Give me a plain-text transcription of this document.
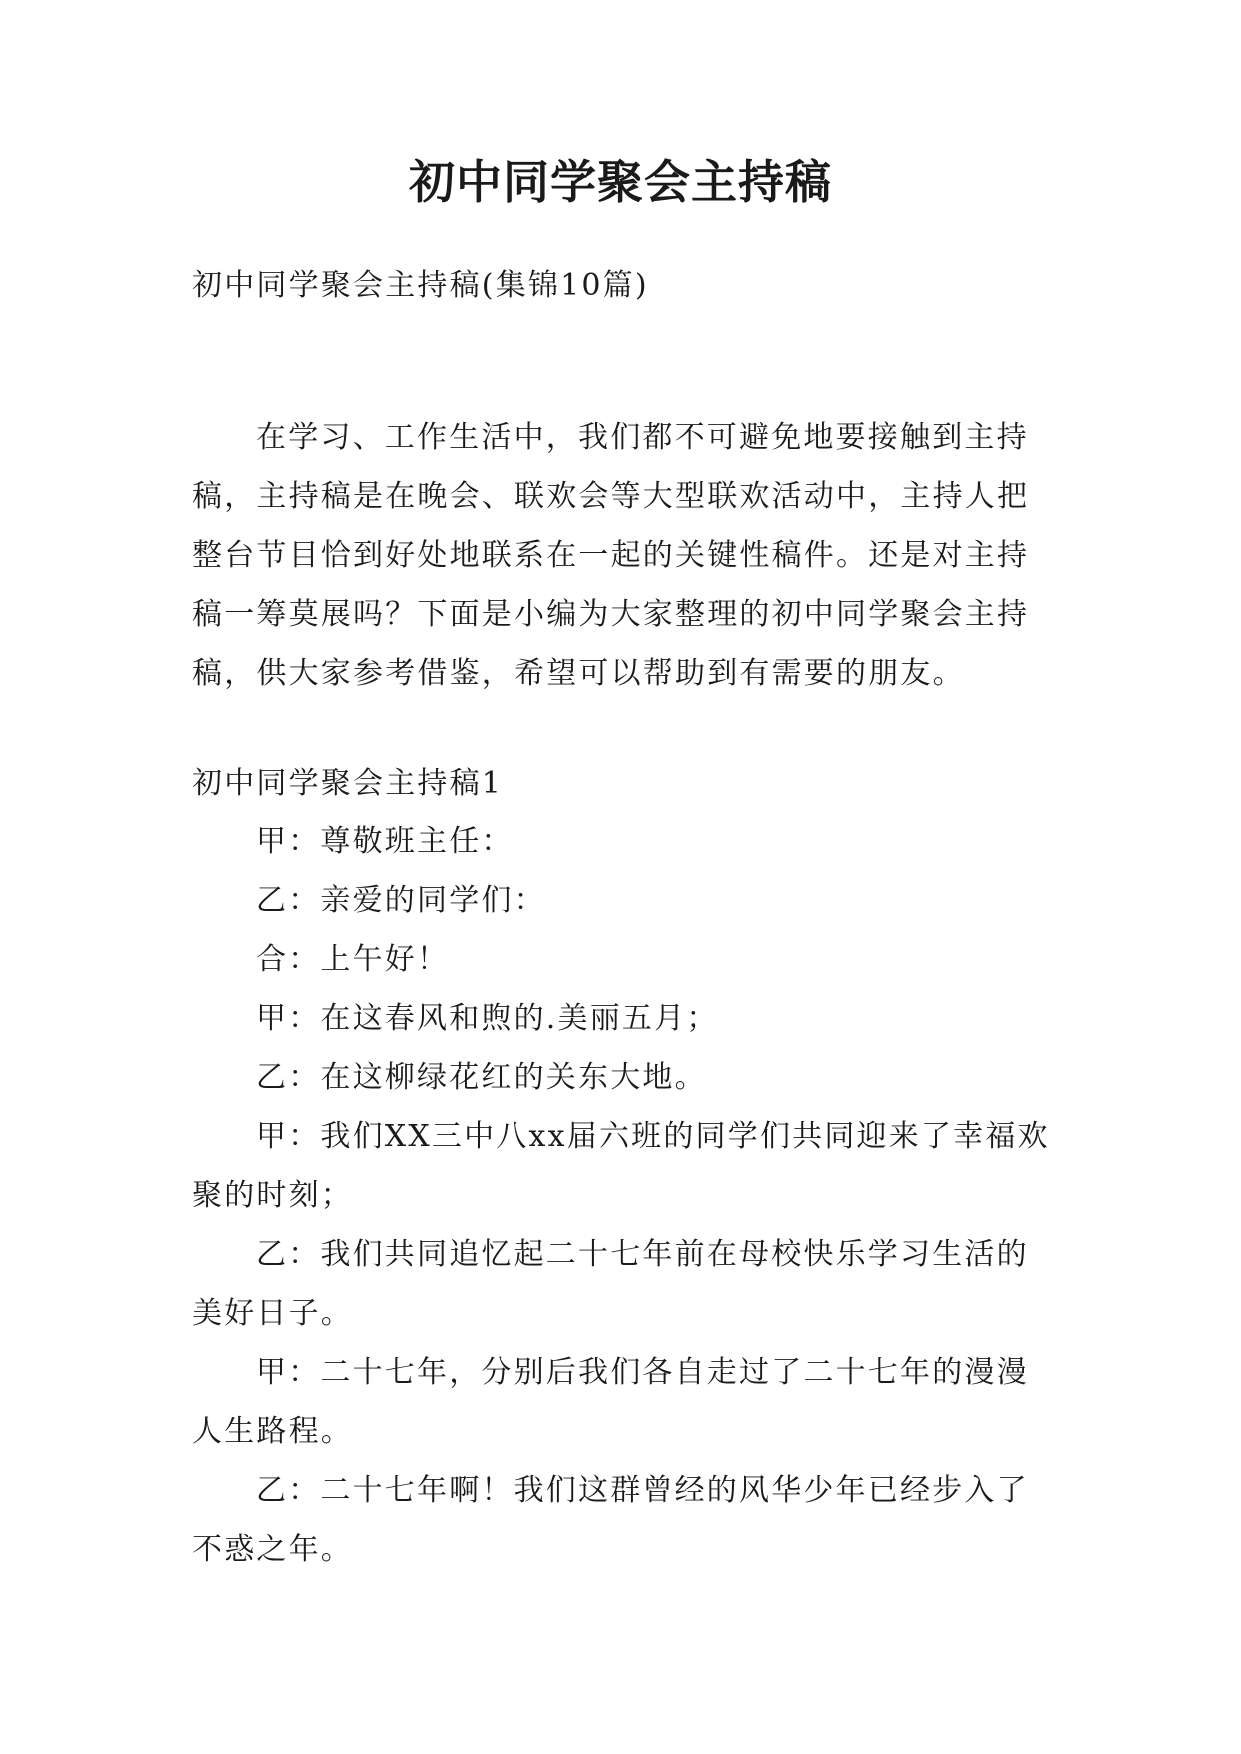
初中同学聚会主持稿

初中同学聚会主持稿(集锦10篇)

在学习、工作生活中，我们都不可避免地要接触到主持稿，主持稿是在晚会、联欢会等大型联欢活动中，主持人把整台节目恰到好处地联系在一起的关键性稿件。还是对主持稿一筹莫展吗？下面是小编为大家整理的初中同学聚会主持稿，供大家参考借鉴，希望可以帮助到有需要的朋友。

初中同学聚会主持稿1

甲：尊敬班主任：
乙：亲爱的同学们：
合：上午好！
甲：在这春风和煦的.美丽五月；
乙：在这柳绿花红的关东大地。
甲：我们XX三中八xx届六班的同学们共同迎来了幸福欢聚的时刻；
乙：我们共同追忆起二十七年前在母校快乐学习生活的美好日子。
甲：二十七年，分别后我们各自走过了二十七年的漫漫人生路程。
乙：二十七年啊！我们这群曾经的风华少年已经步入了不惑之年。
